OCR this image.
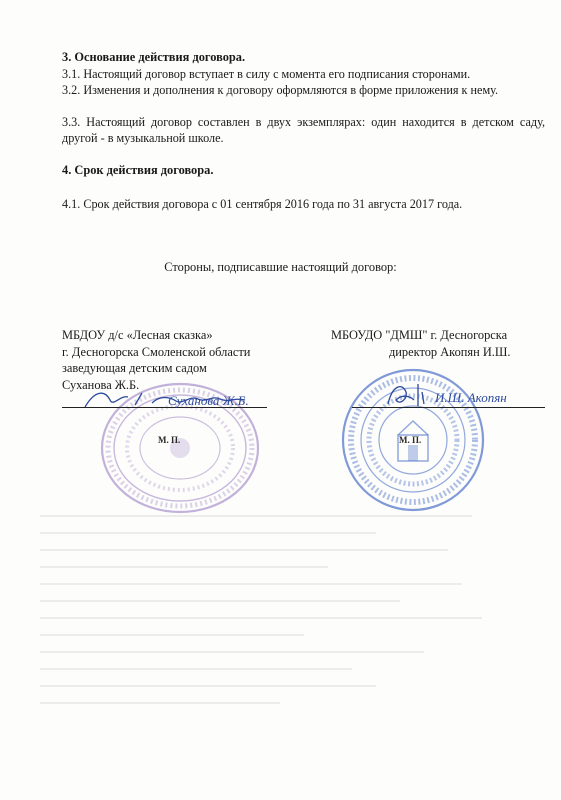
3. Основание действия договора.
3.1. Настоящий договор вступает в силу с момента его подписания сторонами.
3.2. Изменения и дополнения к договору оформляются в форме приложения к нему.
3.3. Настоящий договор составлен в двух экземплярах: один находится в детском саду, другой - в музыкальной школе.
4. Срок действия договора.
4.1. Срок действия договора с 01 сентября 2016 года по 31 августа 2017 года.
Стороны, подписавшие настоящий договор:
МБДОУ д/с «Лесная сказка»
г. Десногорска Смоленской области
заведующая детским садом
Суханова Ж.Б.
МБОУДО "ДМШ" г. Десногорска
директор Акопян И.Ш.
М. П.
Суханова Ж.Б.
М. П.
И.Ш. Акопян
